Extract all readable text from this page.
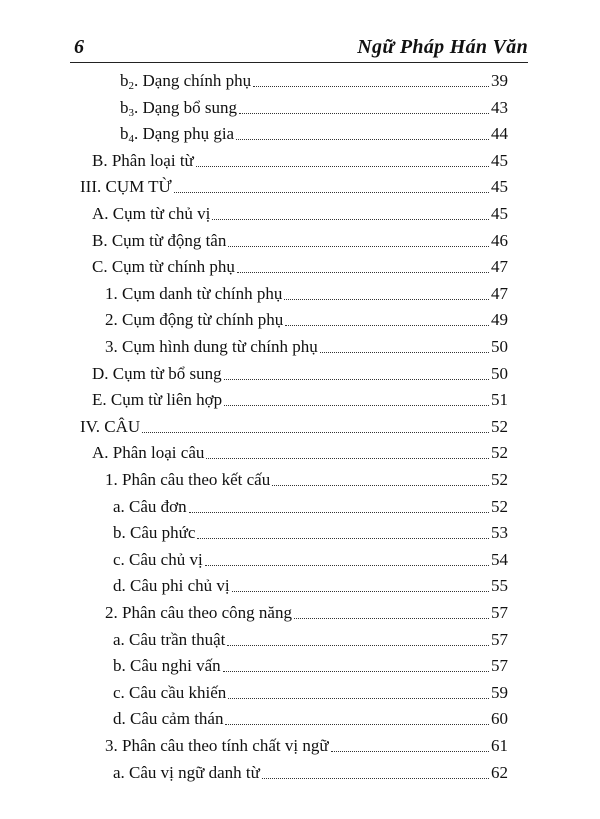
6	Ngữ Pháp Hán Văn
$b_2$. Dạng chính phụ	39
$b_3$. Dạng bổ sung	43
$b_4$. Dạng phụ gia	44
B. Phân loại từ	45
III. CỤM TỪ	45
A. Cụm từ chủ vị	45
B. Cụm từ động tân	46
C. Cụm từ chính phụ	47
1. Cụm danh từ chính phụ	47
2. Cụm động từ chính phụ	49
3. Cụm hình dung từ chính phụ	50
D. Cụm từ bổ sung	50
E. Cụm từ liên hợp	51
IV. CÂU	52
A. Phân loại câu	52
1. Phân câu theo kết cấu	52
a. Câu đơn	52
b. Câu phức	53
c. Câu chủ vị	54
d. Câu phi chủ vị	55
2. Phân câu theo công năng	57
a. Câu trần thuật	57
b. Câu nghi vấn	57
c. Câu cầu khiến	59
d. Câu cảm thán	60
3. Phân câu theo tính chất vị ngữ	61
a. Câu vị ngữ danh từ	62
